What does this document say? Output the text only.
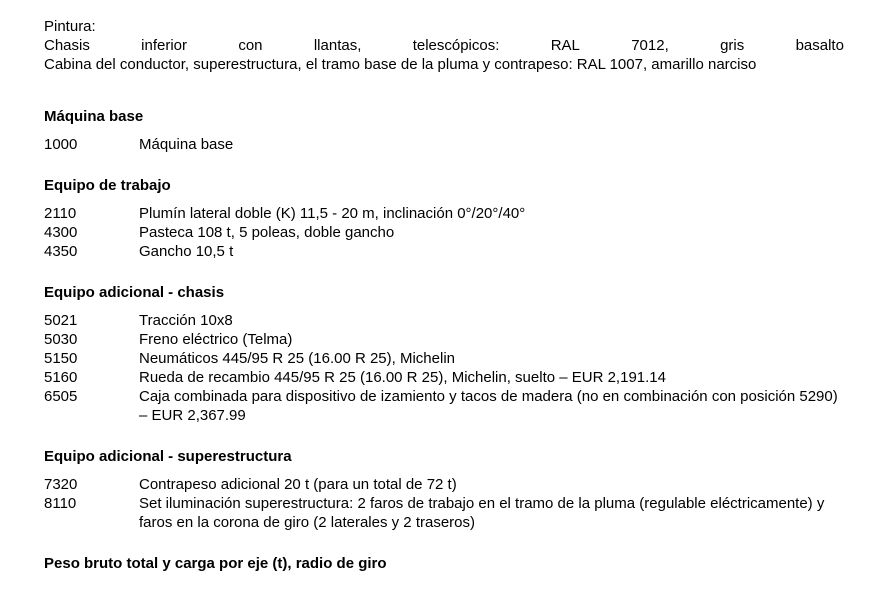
Pintura:
Chasis	inferior	con	llantas,	telescópicos:	RAL	7012,	gris	basalto
Cabina del conductor, superestructura, el tramo base de la pluma y contrapeso: RAL 1007, amarillo narciso
Máquina base
1000	Máquina base
Equipo de trabajo
2110	Plumín lateral doble (K) 11,5 - 20 m, inclinación 0°/20°/40°
4300	Pasteca 108 t, 5 poleas, doble gancho
4350	Gancho 10,5 t
Equipo adicional - chasis
5021	Tracción 10x8
5030	Freno eléctrico (Telma)
5150	Neumáticos 445/95 R 25 (16.00 R 25), Michelin
5160	Rueda de recambio 445/95 R 25 (16.00 R 25), Michelin, suelto – EUR 2,191.14
6505	Caja combinada para dispositivo de izamiento y tacos de madera (no en combinación con posición 5290) – EUR 2,367.99
Equipo adicional - superestructura
7320	Contrapeso adicional 20 t (para un total de 72 t)
8110	Set iluminación superestructura: 2 faros de trabajo en el tramo de la pluma (regulable eléctricamente) y faros en la corona de giro (2 laterales y 2 traseros)
Peso bruto total y carga por eje (t), radio de giro
